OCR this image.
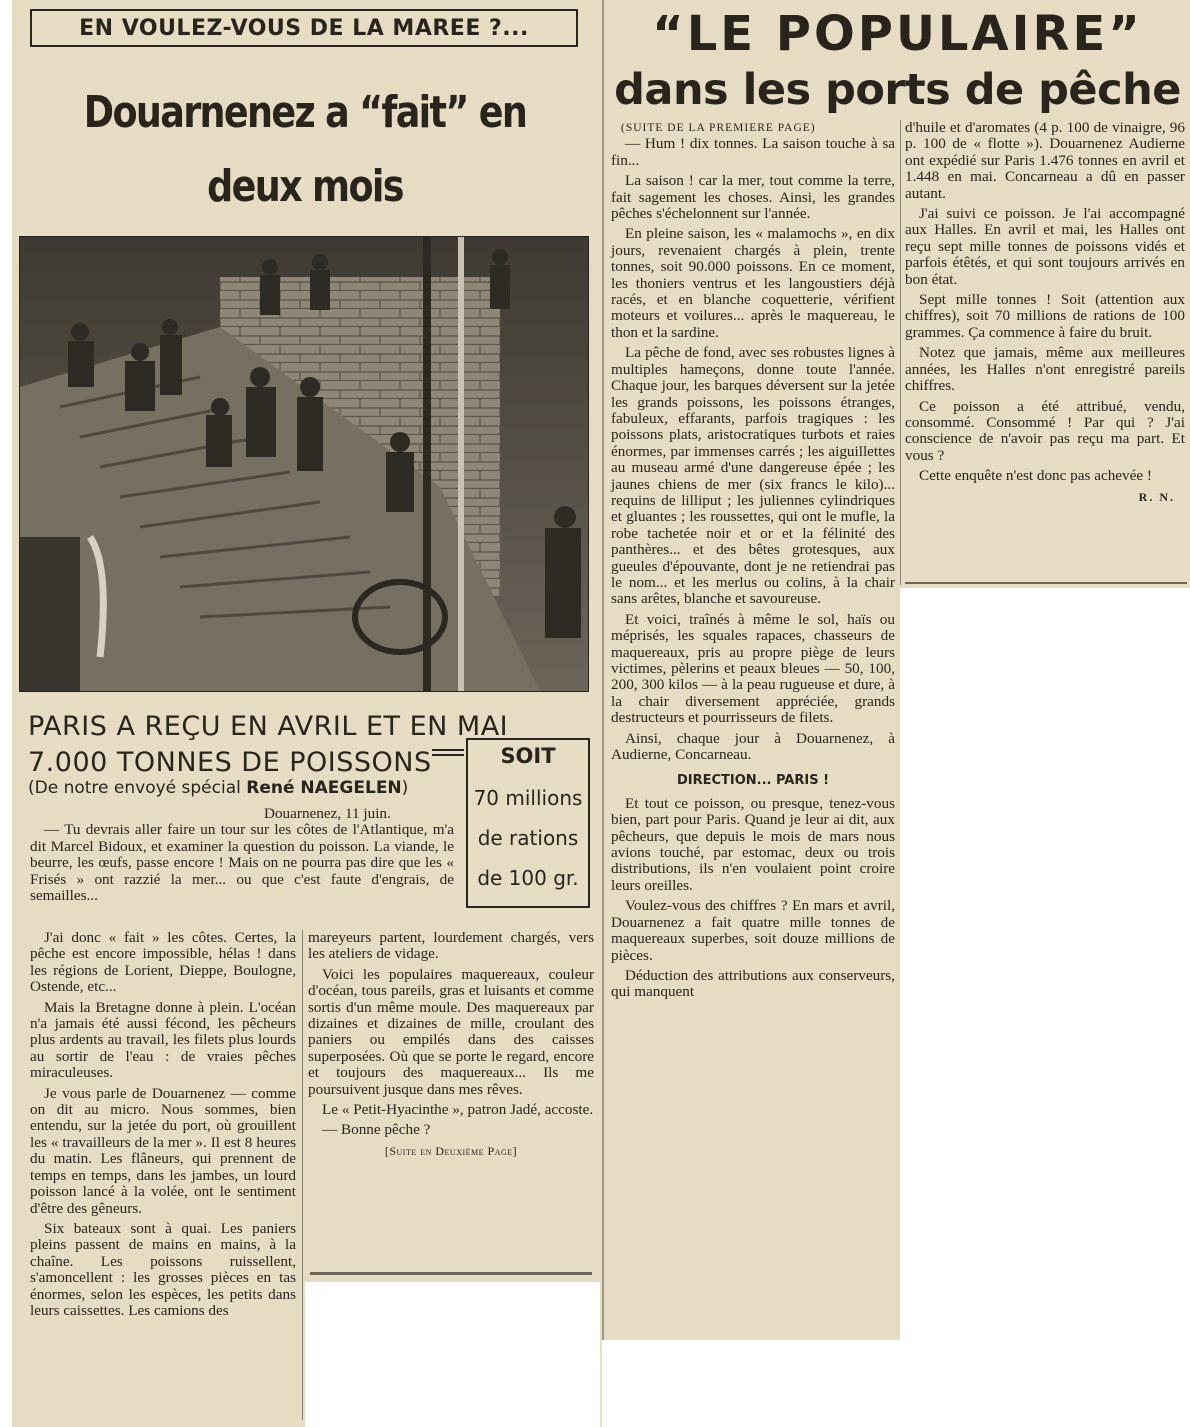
EN VOULEZ-VOUS DE LA MAREE ?...
Douarnenez a “fait” en deux mois
PARIS A REÇU EN AVRIL ET EN MAI
7.000 TONNES DE POISSONS	SOIT
70 millions
de rations
de 100 gr.
(De notre envoyé spécial René NAEGELEN)
Douarnenez, 11 juin.

— Tu devrais aller faire un tour sur les côtes de l'Atlantique, m'a dit Marcel Bidoux, et examiner la question du poisson. La viande, le beurre, les œufs, passe encore ! Mais on ne pourra pas dire que les « Frisés » ont razzié la mer... ou que c'est faute d'engrais, de semailles...

J'ai donc « fait » les côtes. Certes, la pêche est encore impossible, hélas ! dans les régions de Lorient, Dieppe, Boulogne, Ostende, etc...

Mais la Bretagne donne à plein. L'océan n'a jamais été aussi fécond, les pêcheurs plus ardents au travail, les filets plus lourds au sortir de l'eau : de vraies pêches miraculeuses.

Je vous parle de Douarnenez — comme on dit au micro. Nous sommes, bien entendu, sur la jetée du port, où grouillent les « travailleurs de la mer ». Il est 8 heures du matin. Les flâneurs, qui prennent de temps en temps, dans les jambes, un lourd poisson lancé à la volée, ont le sentiment d'être des gêneurs.

Six bateaux sont à quai. Les paniers pleins passent de mains en mains, à la chaîne. Les poissons ruissellent, s'amoncellent : les grosses pièces en tas énormes, selon les espèces, les petits dans leurs caissettes. Les camions des

mareyeurs partent, lourdement chargés, vers les ateliers de vidage.

Voici les populaires maquereaux, couleur d'océan, tous pareils, gras et luisants et comme sortis d'un même moule. Des maquereaux par dizaines et dizaines de mille, croulant des paniers ou empilés dans des caisses superposées. Où que se porte le regard, encore et toujours des maquereaux... Ils me poursuivent jusque dans mes rêves.

Le « Petit-Hyacinthe », patron Jadé, accoste.

— Bonne pêche ?

[Suite en Deuxième Page]
“LE POPULAIRE”
dans les ports de pêche
(SUITE DE LA PREMIERE PAGE)

— Hum ! dix tonnes. La saison touche à sa fin...

La saison ! car la mer, tout comme la terre, fait sagement les choses. Ainsi, les grandes pêches s'échelonnent sur l'année.

En pleine saison, les « malamochs », en dix jours, revenaient chargés à plein, trente tonnes, soit 90.000 poissons. En ce moment, les thoniers ventrus et les langoustiers déjà racés, et en blanche coquetterie, vérifient moteurs et voilures... après le maquereau, le thon et la sardine.

La pêche de fond, avec ses robustes lignes à multiples hameçons, donne toute l'année. Chaque jour, les barques déversent sur la jetée les grands poissons, les poissons étranges, fabuleux, effarants, parfois tragiques : les poissons plats, aristocratiques turbots et raies énormes, par immenses carrés ; les aiguillettes au museau armé d'une dangereuse épée ; les jaunes chiens de mer (six francs le kilo)... requins de lilliput ; les juliennes cylindriques et gluantes ; les roussettes, qui ont le mufle, la robe tachetée noir et or et la félinité des panthères... et des bêtes grotesques, aux gueules d'épouvante, dont je ne retiendrai pas le nom... et les merlus ou colins, à la chair sans arêtes, blanche et savoureuse.

Et voici, traînés à même le sol, haïs ou méprisés, les squales rapaces, chasseurs de maquereaux, pris au propre piège de leurs victimes, pèlerins et peaux bleues — 50, 100, 200, 300 kilos — à la peau rugueuse et dure, à la chair diversement appréciée, grands destructeurs et pourrisseurs de filets.

Ainsi, chaque jour à Douarnenez, à Audierne, Concarneau.

DIRECTION... PARIS !

Et tout ce poisson, ou presque, tenez-vous bien, part pour Paris. Quand je leur ai dit, aux pêcheurs, que depuis le mois de mars nous avions touché, par estomac, deux ou trois distributions, ils n'en voulaient point croire leurs oreilles.

Voulez-vous des chiffres ? En mars et avril, Douarnenez a fait quatre mille tonnes de maquereaux superbes, soit douze millions de pièces.

Déduction des attributions aux conserveurs, qui manquent

d'huile et d'aromates (4 p. 100 de vinaigre, 96 p. 100 de « flotte »). Douarnenez Audierne ont expédié sur Paris 1.476 tonnes en avril et 1.448 en mai. Concarneau a dû en passer autant.

J'ai suivi ce poisson. Je l'ai accompagné aux Halles. En avril et mai, les Halles ont reçu sept mille tonnes de poissons vidés et parfois étêtés, et qui sont toujours arrivés en bon état.

Sept mille tonnes ! Soit (attention aux chiffres), soit 70 millions de rations de 100 grammes. Ça commence à faire du bruit.

Notez que jamais, même aux meilleures années, les Halles n'ont enregistré pareils chiffres.

Ce poisson a été attribué, vendu, consommé. Consommé ! Par qui ? J'ai conscience de n'avoir pas reçu ma part. Et vous ?

Cette enquête n'est donc pas achevée !

R. N.
